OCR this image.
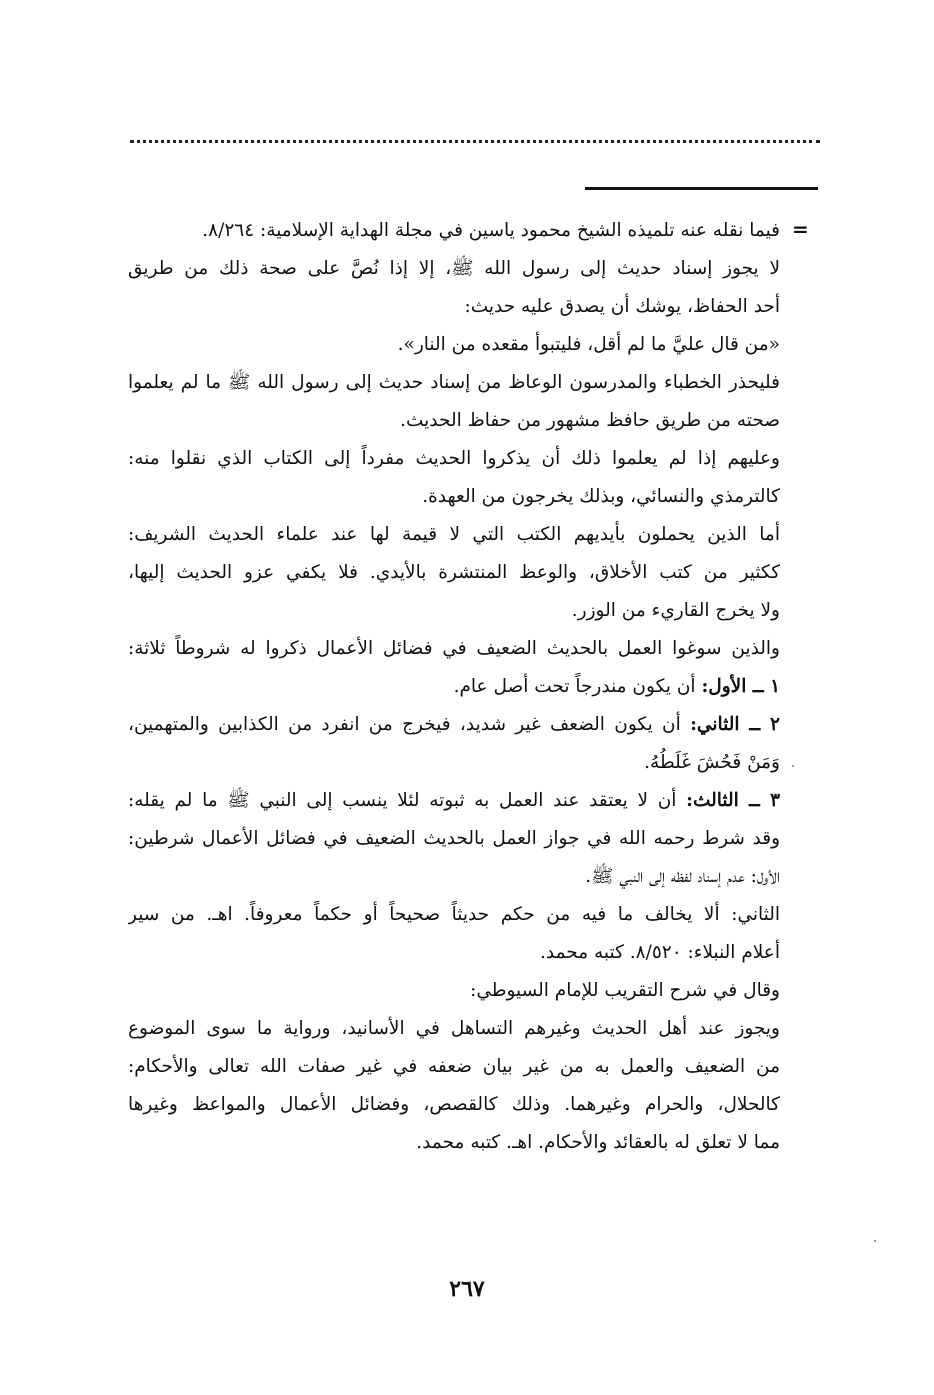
=
فيما نقله عنه تلميذه الشيخ محمود ياسين في مجلة الهداية الإسلامية: ٨/٢٦٤.
لا يجوز إسناد حديث إلى رسول الله ﷺ، إلا إذا نُصَّ على صحة ذلك من طريق
أحد الحفاظ، يوشك أن يصدق عليه حديث:
«من قال عليَّ ما لم أقل، فليتبوأ مقعده من النار».
فليحذر الخطباء والمدرسون الوعاظ من إسناد حديث إلى رسول الله ﷺ ما لم يعلموا
صحته من طريق حافظ مشهور من حفاظ الحديث.
وعليهم إذا لم يعلموا ذلك أن يذكروا الحديث مفرداً إلى الكتاب الذي نقلوا منه:
كالترمذي والنسائي، وبذلك يخرجون من العهدة.
أما الذين يحملون بأيديهم الكتب التي لا قيمة لها عند علماء الحديث الشريف:
ككثير من كتب الأخلاق، والوعظ المنتشرة بالأيدي. فلا يكفي عزو الحديث إليها،
ولا يخرج القاريء من الوزر.
والذين سوغوا العمل بالحديث الضعيف في فضائل الأعمال ذكروا له شروطاً ثلاثة:
١ ــ الأول: أن يكون مندرجاً تحت أصل عام.
٢ ــ الثاني: أن يكون الضعف غير شديد، فيخرج من انفرد من الكذابين والمتهمين،
وَمَنْ فَحُشَ غَلَطُهُ.
٣ ــ الثالث: أن لا يعتقد عند العمل به ثبوته لئلا ينسب إلى النبي ﷺ ما لم يقله:
وقد شرط رحمه الله في جواز العمل بالحديث الضعيف في فضائل الأعمال شرطين:
الأول: عدم إسناد لفظه إلى النبي ﷺ.
الثاني: ألا يخالف ما فيه من حكم حديثاً صحيحاً أو حكماً معروفاً. اهـ. من سير
أعلام النبلاء: ٨/٥٢٠. كتبه محمد.
وقال في شرح التقريب للإمام السيوطي:
ويجوز عند أهل الحديث وغيرهم التساهل في الأسانيد، ورواية ما سوى الموضوع
من الضعيف والعمل به من غير بيان ضعفه في غير صفات الله تعالى والأحكام:
كالحلال، والحرام وغيرهما. وذلك كالقصص، وفضائل الأعمال والمواعظ وغيرها
مما لا تعلق له بالعقائد والأحكام. اهـ. كتبه محمد.
٢٦٧
